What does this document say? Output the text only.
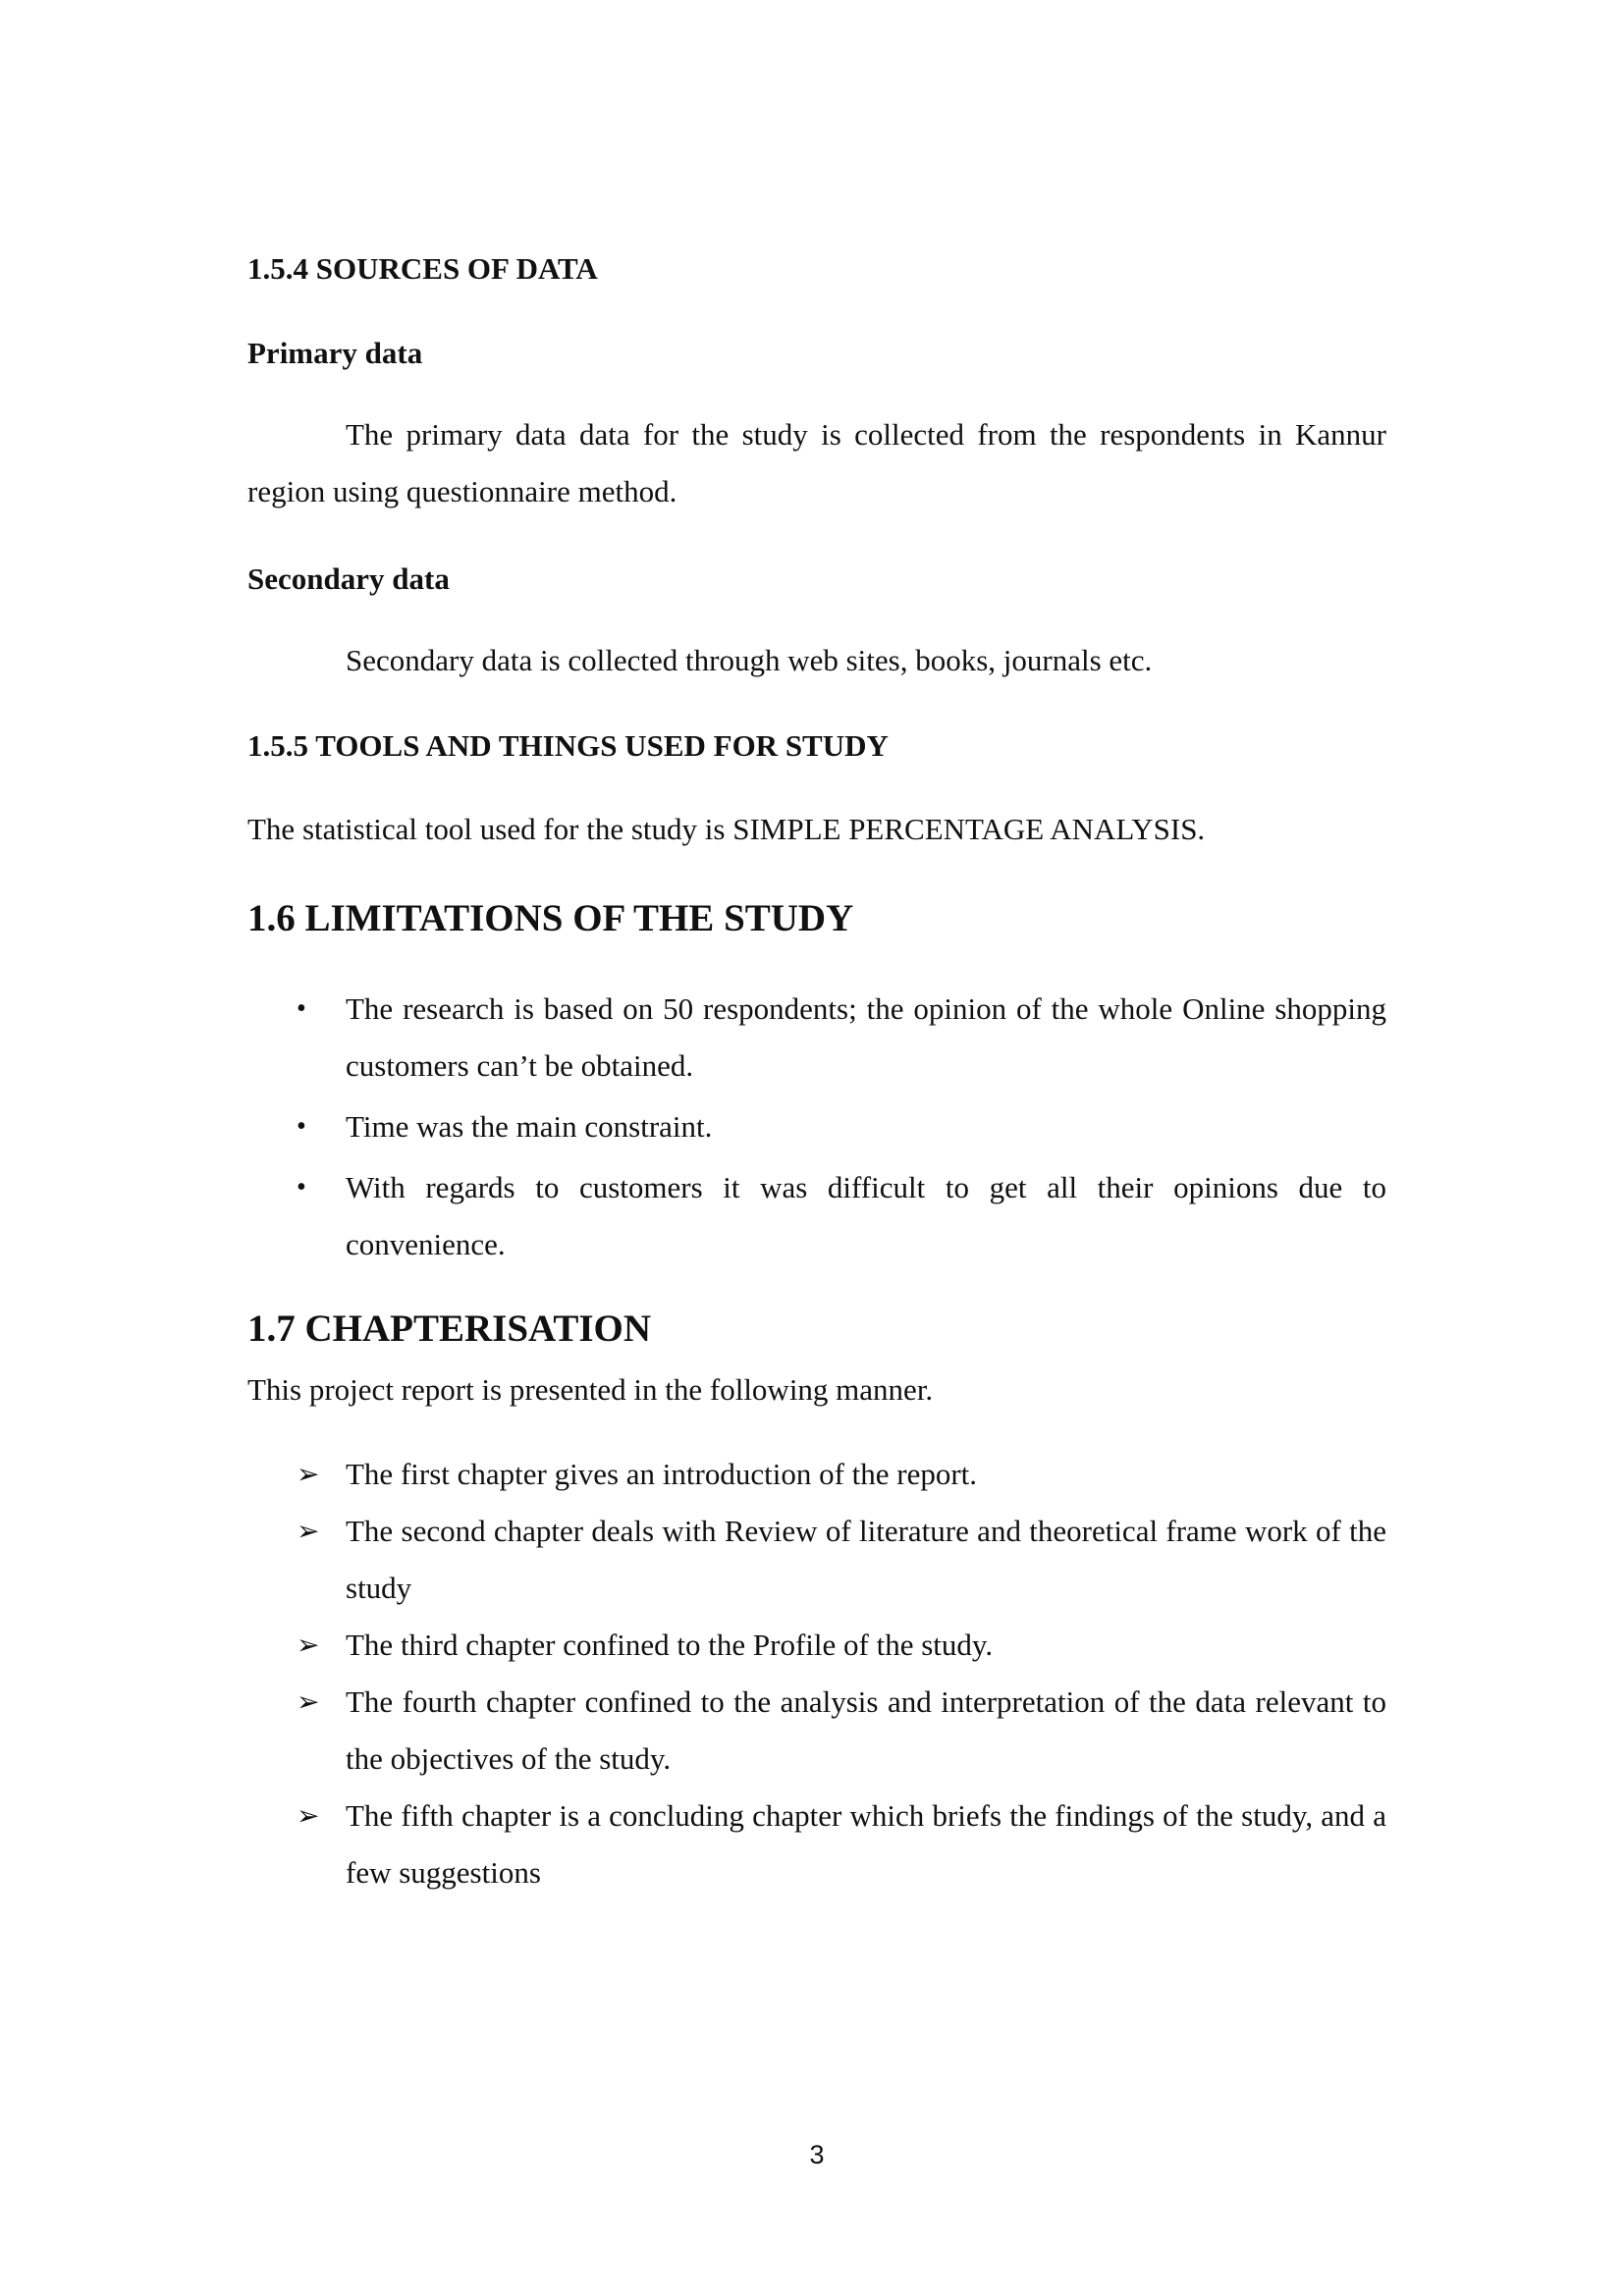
1.5.4 SOURCES OF DATA
Primary data

The primary data data for the study is collected from the respondents in Kannur region using questionnaire method.

Secondary data

Secondary data is collected through web sites, books, journals etc.

1.5.5 TOOLS AND THINGS USED FOR STUDY

The statistical tool used for the study is SIMPLE PERCENTAGE ANALYSIS.

1.6 LIMITATIONS OF THE STUDY
• The research is based on 50 respondents; the opinion of the whole Online shopping customers can’t be obtained.
• Time was the main constraint.
• With regards to customers it was difficult to get all their opinions due to convenience.
1.7 CHAPTERISATION

This project report is presented in the following manner.

➢ The first chapter gives an introduction of the report.
➢ The second chapter deals with Review of literature and theoretical frame work of the study
➢ The third chapter confined to the Profile of the study.
➢ The fourth chapter confined to the analysis and interpretation of the data relevant to the objectives of the study.
➢ The fifth chapter is a concluding chapter which briefs the findings of the study, and a few suggestions
3
